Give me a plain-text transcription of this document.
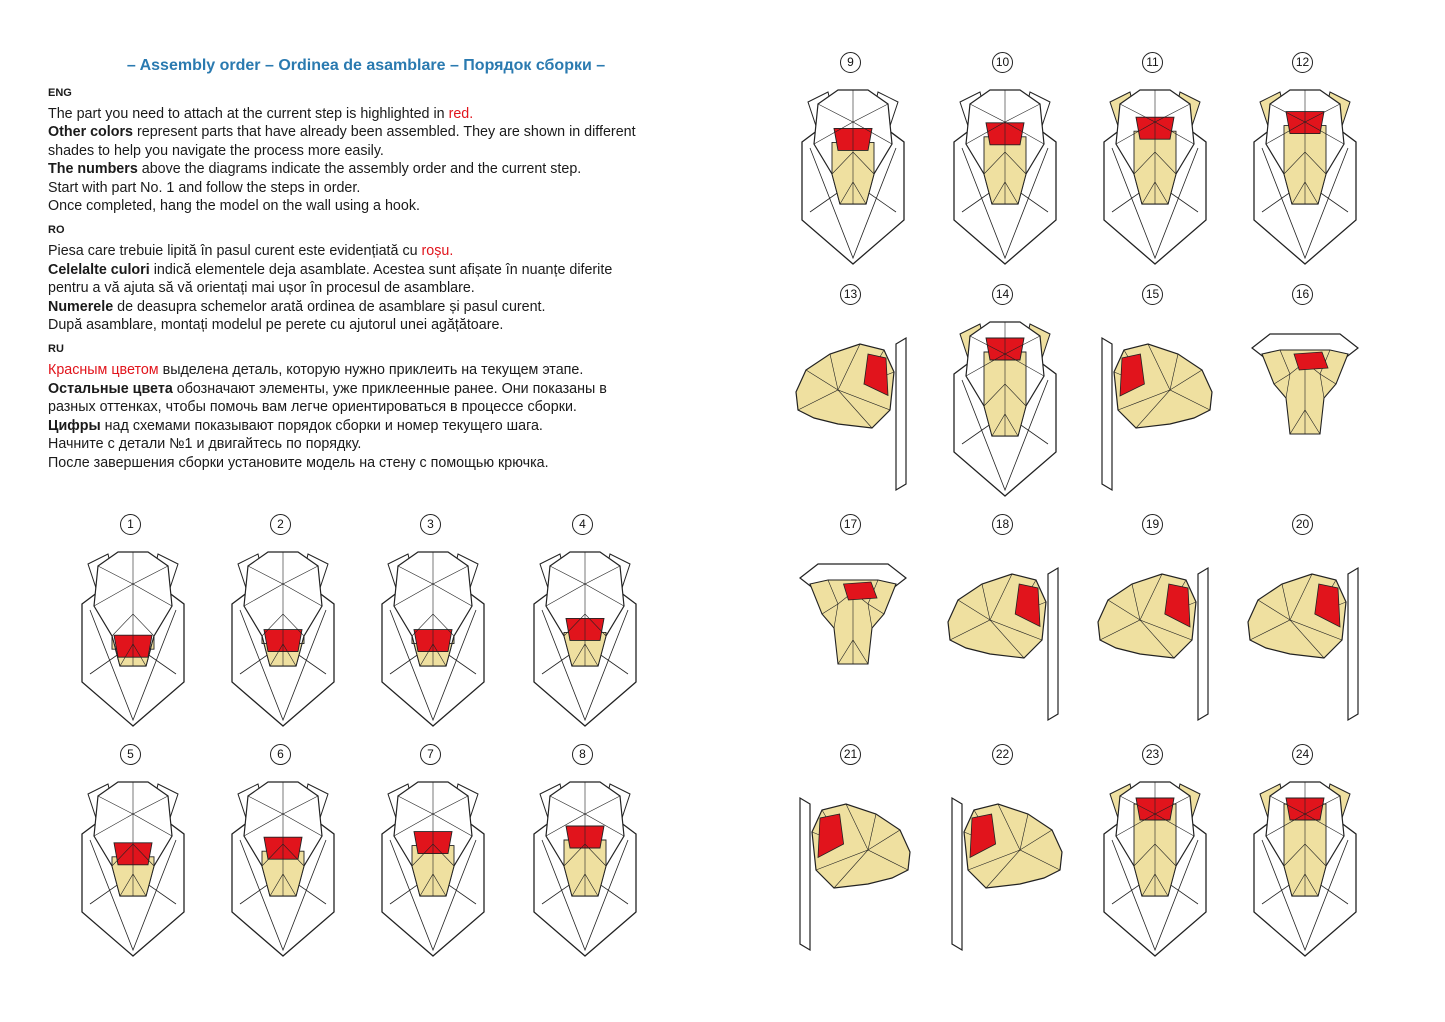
– Assembly order – Ordinea de asamblare – Порядок сборки –
ENG
The part you need to attach at the current step is highlighted in red.
Other colors represent parts that have already been assembled. They are shown in different
shades to help you navigate the process more easily.
The numbers above the diagrams indicate the assembly order and the current step.
Start with part No. 1 and follow the steps in order.
Once completed, hang the model on the wall using a hook.
RO
Piesa care trebuie lipită în pasul curent este evidențiată cu roșu.
Celelalte culori indică elementele deja asamblate. Acestea sunt afișate în nuanțe diferite
pentru a vă ajuta să vă orientați mai ușor în procesul de asamblare.
Numerele de deasupra schemelor arată ordinea de asamblare și pasul curent.
După asamblare, montați modelul pe perete cu ajutorul unei agățătoare.
RU
Красным цветом выделена деталь, которую нужно приклеить на текущем этапе.
Остальные цвета обозначают элементы, уже приклеенные ранее. Они показаны в
разных оттенках, чтобы помочь вам легче ориентироваться в процессе сборки.
Цифры над схемами показывают порядок сборки и номер текущего шага.
Начните с детали №1 и двигайтесь по порядку.
После завершения сборки установите модель на стену с помощью крючка.
1	2	3	4
5	6	7	8
9	10	11	12
13	14	15	16
17	18	19	20
21	22	23	24
